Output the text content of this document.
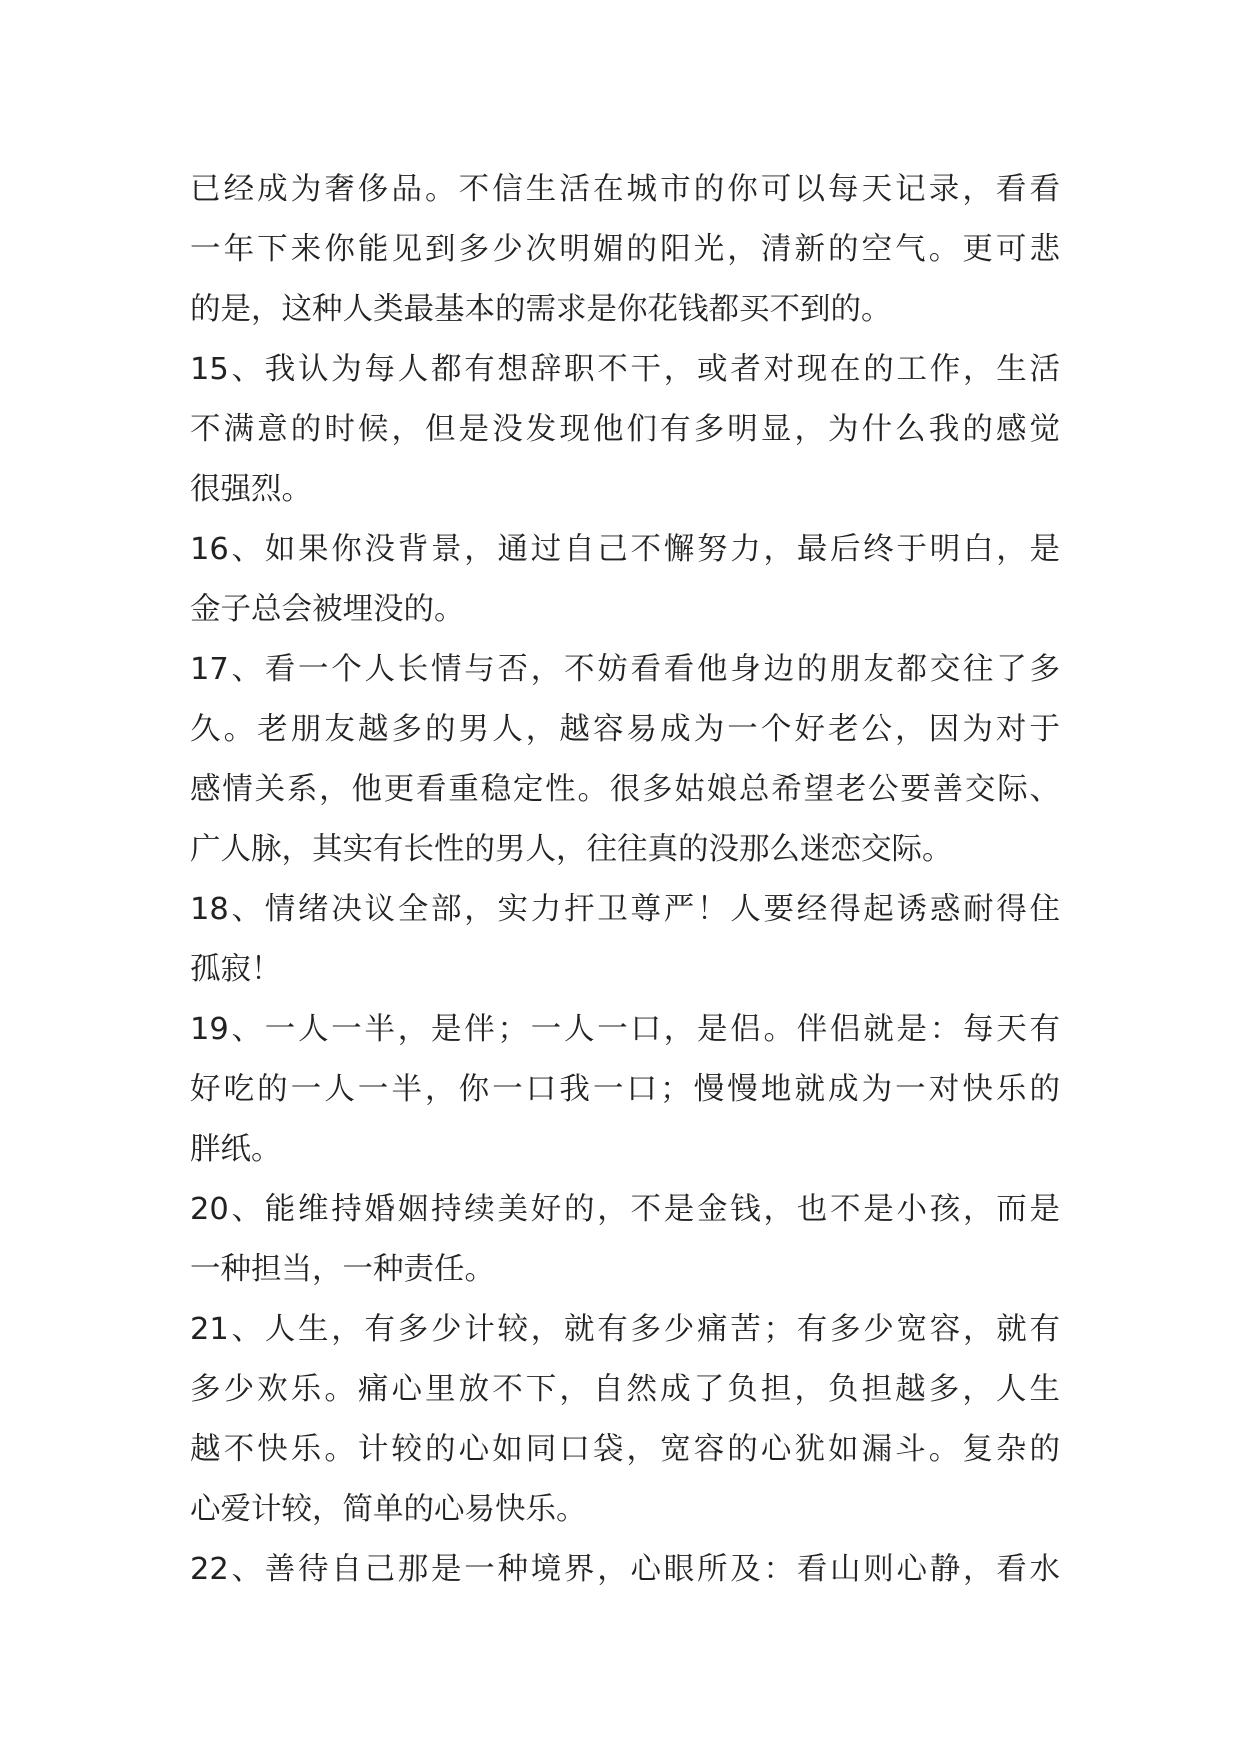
已经成为奢侈品。不信生活在城市的你可以每天记录，看看
一年下来你能见到多少次明媚的阳光，清新的空气。更可悲
的是，这种人类最基本的需求是你花钱都买不到的。
15、我认为每人都有想辞职不干，或者对现在的工作，生活
不满意的时候，但是没发现他们有多明显，为什么我的感觉
很强烈。
16、如果你没背景，通过自己不懈努力，最后终于明白，是
金子总会被埋没的。
17、看一个人长情与否，不妨看看他身边的朋友都交往了多
久。老朋友越多的男人，越容易成为一个好老公，因为对于
感情关系，他更看重稳定性。很多姑娘总希望老公要善交际、
广人脉，其实有长性的男人，往往真的没那么迷恋交际。
18、情绪决议全部，实力扞卫尊严！人要经得起诱惑耐得住
孤寂！
19、一人一半，是伴；一人一口，是侣。伴侣就是：每天有
好吃的一人一半，你一口我一口；慢慢地就成为一对快乐的
胖纸。
20、能维持婚姻持续美好的，不是金钱，也不是小孩，而是
一种担当，一种责任。
21、人生，有多少计较，就有多少痛苦；有多少宽容，就有
多少欢乐。痛心里放不下，自然成了负担，负担越多，人生
越不快乐。计较的心如同口袋，宽容的心犹如漏斗。复杂的
心爱计较，简单的心易快乐。
22、善待自己那是一种境界，心眼所及：看山则心静，看水
